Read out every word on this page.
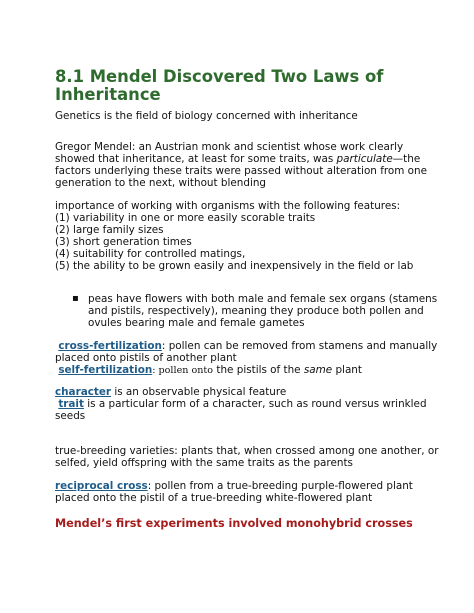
8.1 Mendel Discovered Two Laws of
Inheritance

Genetics is the field of biology concerned with inheritance

Gregor Mendel: an Austrian monk and scientist whose work clearly

showed that inheritance, at least for some traits, was particulate—the

factors underlying these traits were passed without alteration from one

generation to the next, without blending

importance of working with organisms with the following features:

(1) variability in one or more easily scorable traits

(2) large family sizes

(3) short generation times

(4) suitability for controlled matings,

(5) the ability to be grown easily and inexpensively in the field or lab

▪ peas have flowers with both male and female sex organs (stamens

and pistils, respectively), meaning they produce both pollen and

ovules bearing male and female gametes

cross-fertilization: pollen can be removed from stamens and manually

placed onto pistils of another plant

self-fertilization: pollen onto the pistils of the same plant

character is an observable physical feature

trait is a particular form of a character, such as round versus wrinkled

seeds

true-breeding varieties: plants that, when crossed among one another, or

selfed, yield offspring with the same traits as the parents

reciprocal cross: pollen from a true-breeding purple-flowered plant

placed onto the pistil of a true-breeding white-flowered plant

Mendel’s first experiments involved monohybrid crosses
